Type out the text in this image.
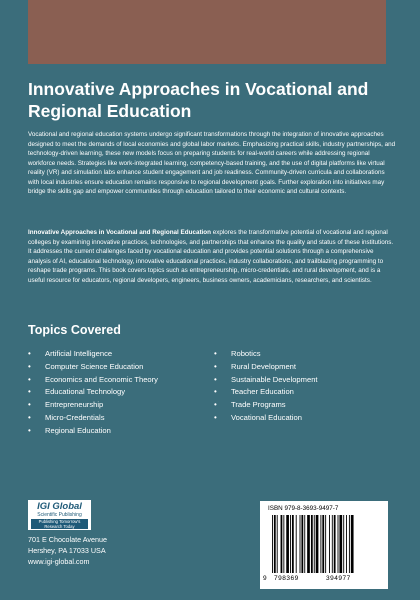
Innovative Approaches in Vocational and Regional Education

Vocational and regional education systems undergo significant transformations through the integration of innovative approaches designed to meet the demands of local economies and global labor markets. Emphasizing practical skills, industry partnerships, and technology-driven learning, these new models focus on preparing students for real-world careers while addressing regional workforce needs. Strategies like work-integrated learning, competency-based training, and the use of digital platforms like virtual reality (VR) and simulation labs enhance student engagement and job readiness. Community-driven curricula and collaborations with local industries ensure education remains responsive to regional development goals. Further exploration into initiatives may bridge the skills gap and empower communities through education tailored to their economic and cultural contexts.

Innovative Approaches in Vocational and Regional Education explores the transformative potential of vocational and regional colleges by examining innovative practices, technologies, and partnerships that enhance the quality and status of these institutions. It addresses the current challenges faced by vocational education and provides potential solutions through a comprehensive analysis of AI, educational technology, innovative educational practices, industry collaborations, and trailblazing programming to reshape trade programs. This book covers topics such as entrepreneurship, micro-credentials, and rural development, and is a useful resource for educators, regional developers, engineers, business owners, academicians, researchers, and scientists.

Topics Covered
• Artificial Intelligence
• Computer Science Education
• Economics and Economic Theory
• Educational Technology
• Entrepreneurship
• Micro-Credentials
• Regional Education
• Robotics
• Rural Development
• Sustainable Development
• Teacher Education
• Trade Programs
• Vocational Education
IGI Global
Scientific Publishing
Publishing Tomorrow's Research Today
701 E Chocolate Avenue
Hershey, PA 17033 USA
www.igi-global.com
ISBN 979-8-3693-9497-7
9 798369	394977
